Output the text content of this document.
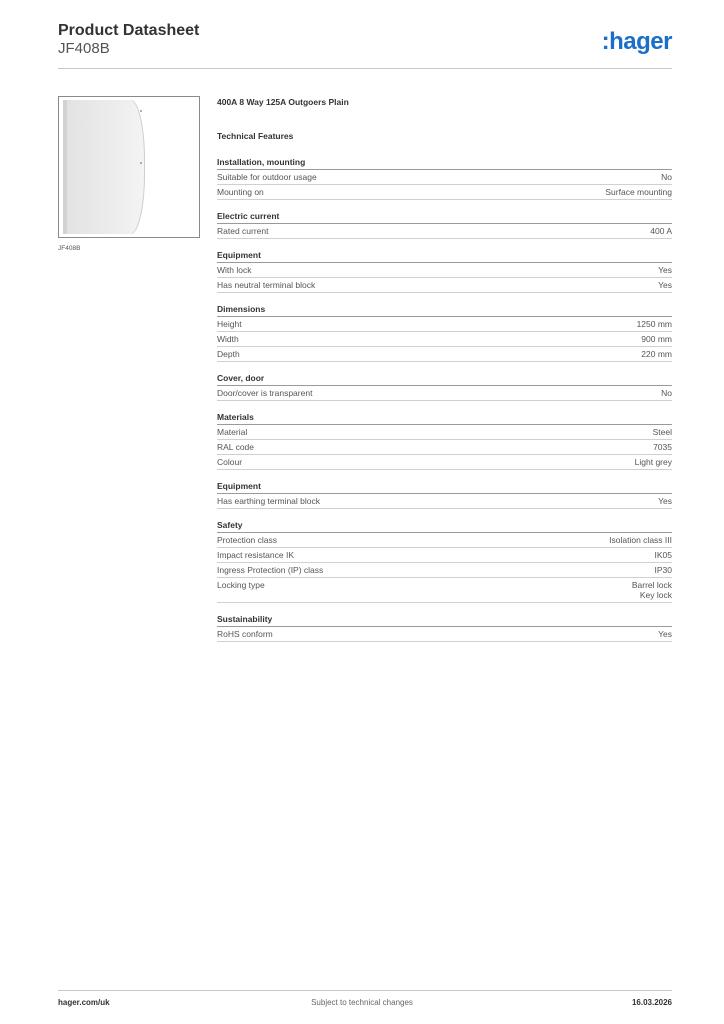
Product Datasheet
JF408B	:hager
JF408B
400A 8 Way 125A Outgoers Plain
Technical Features
Installation, mounting
Suitable for outdoor usage	No
Mounting on	Surface mounting
Electric current
Rated current	400 A
Equipment
With lock	Yes
Has neutral terminal block	Yes
Dimensions
Height	1250 mm
Width	900 mm
Depth	220 mm
Cover, door
Door/cover is transparent	No
Materials
Material	Steel
RAL code	7035
Colour	Light grey
Equipment
Has earthing terminal block	Yes
Safety
Protection class	Isolation class III
Impact resistance IK	IK05
Ingress Protection (IP) class	IP30
Locking type	Barrel lock
Key lock
Sustainability
RoHS conform	Yes
hager.com/uk	Subject to technical changes	16.03.2026
